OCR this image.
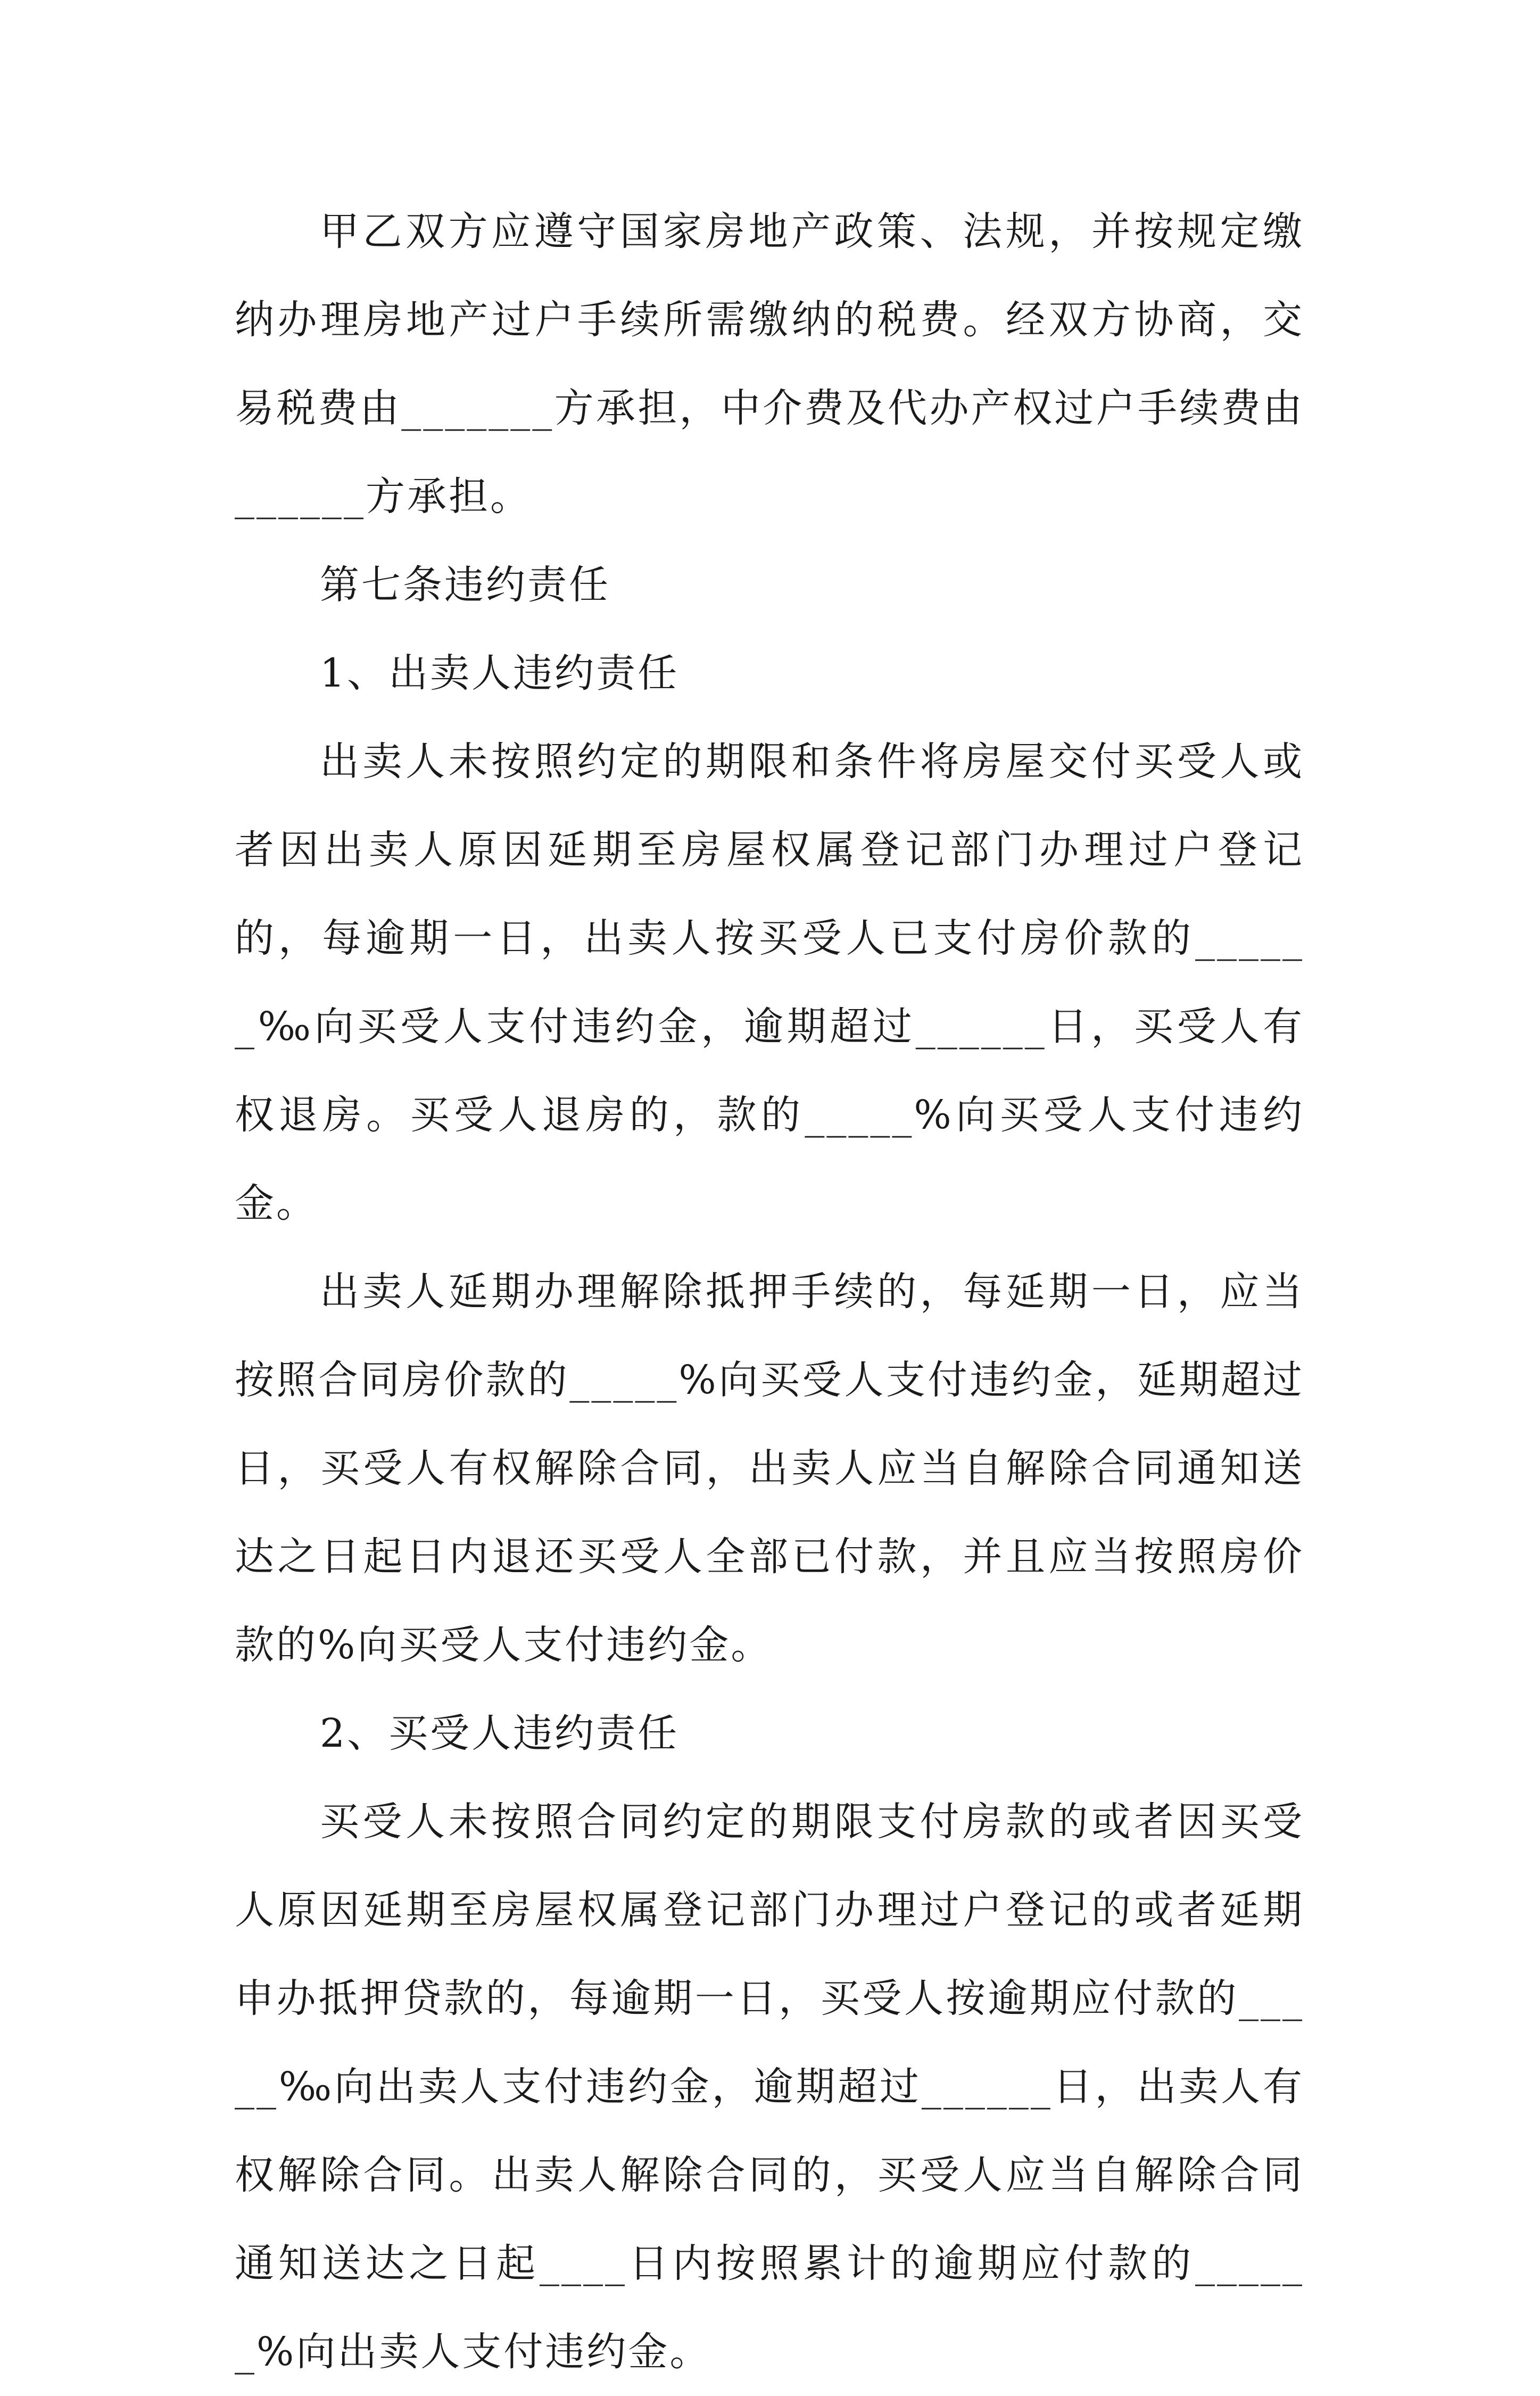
甲乙双方应遵守国家房地产政策、法规，并按规定缴纳办理房地产过户手续所需缴纳的税费。经双方协商，交易税费由_______方承担，中介费及代办产权过户手续费由______方承担。

第七条违约责任

1、出卖人违约责任

出卖人未按照约定的期限和条件将房屋交付买受人或者因出卖人原因延期至房屋权属登记部门办理过户登记的，每逾期一日，出卖人按买受人已支付房价款的______‰向买受人支付违约金，逾期超过______日，买受人有权退房。买受人退房的，款的_____%向买受人支付违约金。

出卖人延期办理解除抵押手续的，每延期一日，应当按照合同房价款的_____%向买受人支付违约金，延期超过日，买受人有权解除合同，出卖人应当自解除合同通知送达之日起日内退还买受人全部已付款，并且应当按照房价款的%向买受人支付违约金。

2、买受人违约责任

买受人未按照合同约定的期限支付房款的或者因买受人原因延期至房屋权属登记部门办理过户登记的或者延期申办抵押贷款的，每逾期一日，买受人按逾期应付款的_____‰向出卖人支付违约金，逾期超过______日，出卖人有权解除合同。出卖人解除合同的，买受人应当自解除合同通知送达之日起____日内按照累计的逾期应付款的______%向出卖人支付违约金。
